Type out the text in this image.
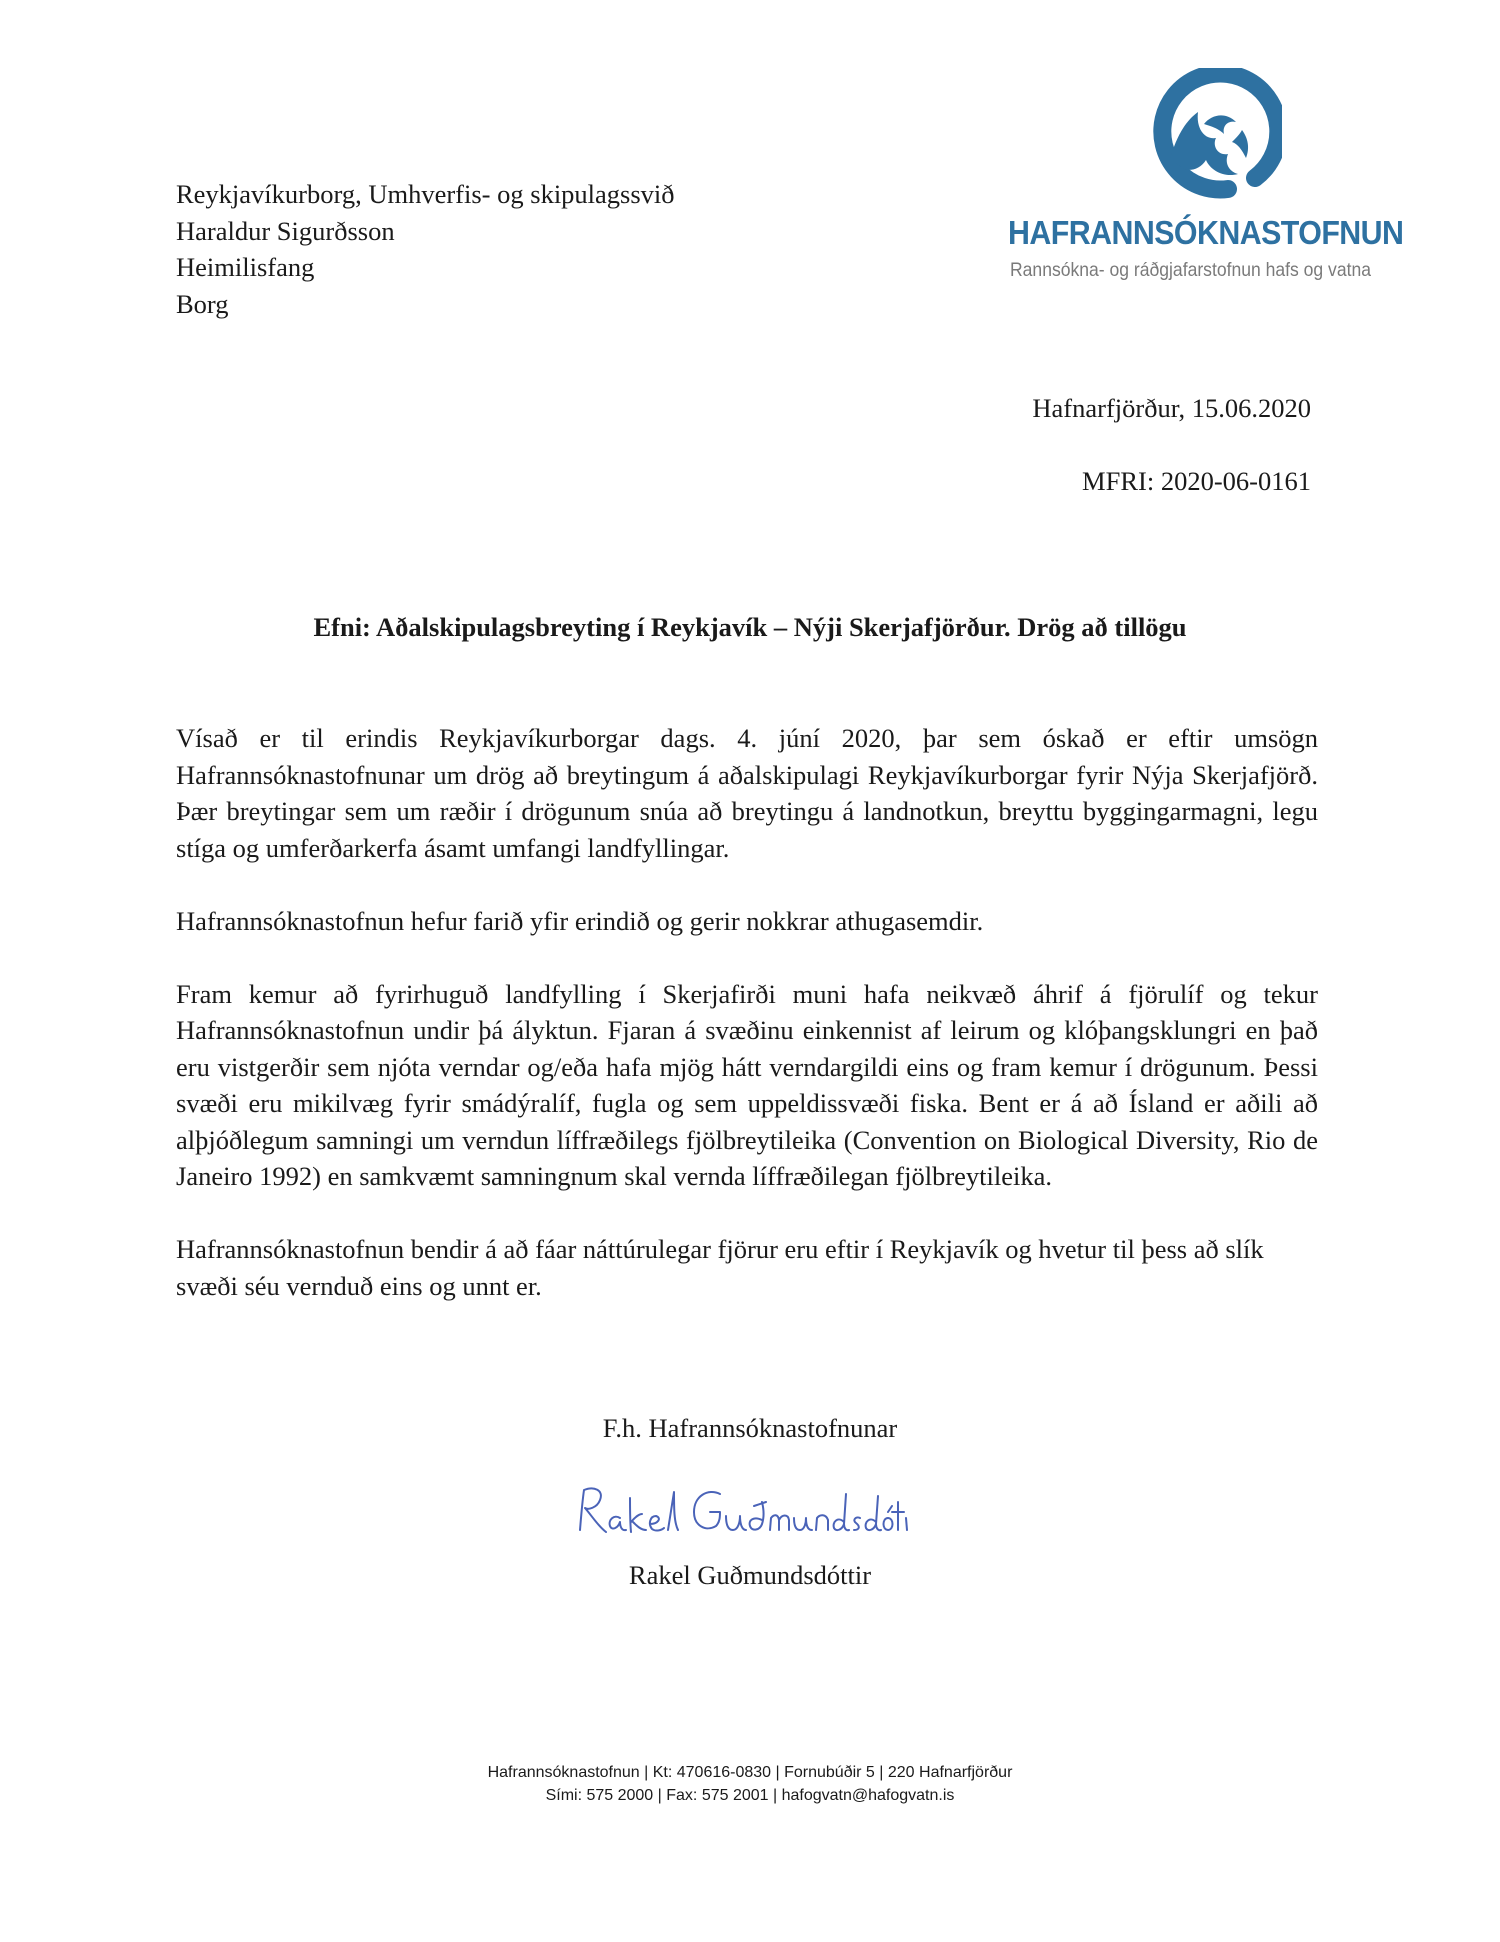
Reykjavíkurborg, Umhverfis- og skipulagssvið
Haraldur Sigurðsson
Heimilisfang
Borg
HAFRANNSÓKNASTOFNUN
Rannsókna- og ráðgjafarstofnun hafs og vatna
Hafnarfjörður, 15.06.2020
MFRI: 2020-06-0161
Efni: Aðalskipulagsbreyting í Reykjavík – Nýji Skerjafjörður. Drög að tillögu

Vísað er til erindis Reykjavíkurborgar dags. 4. júní 2020, þar sem óskað er eftir umsögn Hafrannsóknastofnunar um drög að breytingum á aðalskipulagi Reykjavíkurborgar fyrir Nýja Skerjafjörð. Þær breytingar sem um ræðir í drögunum snúa að breytingu á landnotkun, breyttu byggingarmagni, legu stíga og umferðarkerfa ásamt umfangi landfyllingar.

Hafrannsóknastofnun hefur farið yfir erindið og gerir nokkrar athugasemdir.

Fram kemur að fyrirhuguð landfylling í Skerjafirði muni hafa neikvæð áhrif á fjörulíf og tekur Hafrannsóknastofnun undir þá ályktun. Fjaran á svæðinu einkennist af leirum og klóþangsklungri en það eru vistgerðir sem njóta verndar og/eða hafa mjög hátt verndargildi eins og fram kemur í drögunum. Þessi svæði eru mikilvæg fyrir smádýralíf, fugla og sem uppeldissvæði fiska. Bent er á að Ísland er aðili að alþjóðlegum samningi um verndun líffræðilegs fjölbreytileika (Convention on Biological Diversity, Rio de Janeiro 1992) en samkvæmt samningnum skal vernda líffræðilegan fjölbreytileika.

Hafrannsóknastofnun bendir á að fáar náttúrulegar fjörur eru eftir í Reykjavík og hvetur til þess að slík svæði séu vernduð eins og unnt er.

F.h. Hafrannsóknastofnunar
Rakel Guðmundsdóttir
Hafrannsóknastofnun | Kt: 470616-0830 | Fornubúðir 5 | 220 Hafnarfjörður
Sími: 575 2000 | Fax: 575 2001 | hafogvatn@hafogvatn.is
